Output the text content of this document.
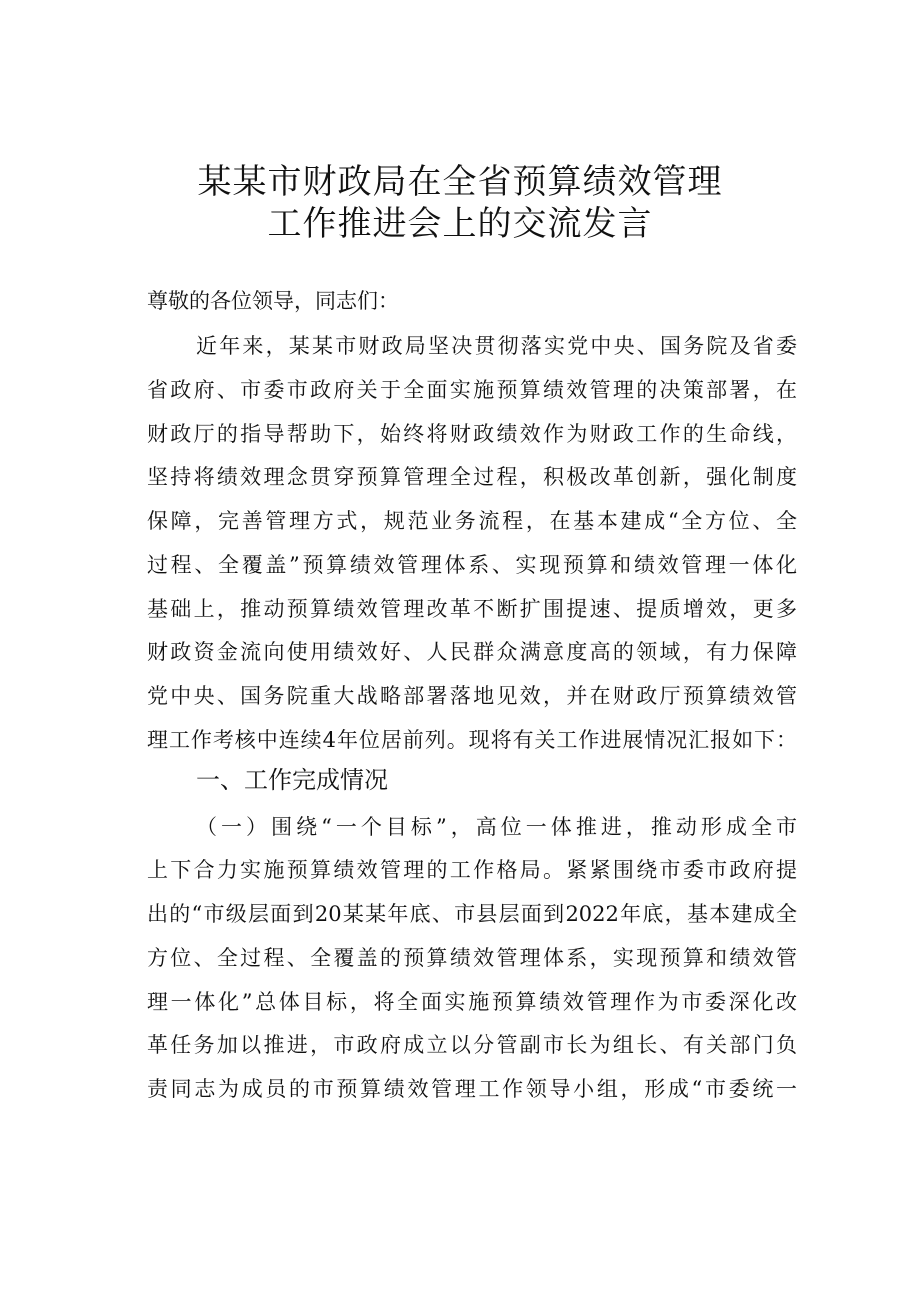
某某市财政局在全省预算绩效管理
工作推进会上的交流发言
尊敬的各位领导，同志们：
近年来，某某市财政局坚决贯彻落实党中央、国务院及省委
省政府、市委市政府关于全面实施预算绩效管理的决策部署，在
财政厅的指导帮助下，始终将财政绩效作为财政工作的生命线，
坚持将绩效理念贯穿预算管理全过程，积极改革创新，强化制度
保障，完善管理方式，规范业务流程，在基本建成“全方位、全
过程、全覆盖”预算绩效管理体系、实现预算和绩效管理一体化
基础上，推动预算绩效管理改革不断扩围提速、提质增效，更多
财政资金流向使用绩效好、人民群众满意度高的领域，有力保障
党中央、国务院重大战略部署落地见效，并在财政厅预算绩效管
理工作考核中连续4年位居前列。现将有关工作进展情况汇报如下：
一、工作完成情况
（一）围绕“一个目标”，高位一体推进，推动形成全市
上下合力实施预算绩效管理的工作格局。紧紧围绕市委市政府提
出的“市级层面到20某某年底、市县层面到2022年底，基本建成全
方位、全过程、全覆盖的预算绩效管理体系，实现预算和绩效管
理一体化”总体目标，将全面实施预算绩效管理作为市委深化改
革任务加以推进，市政府成立以分管副市长为组长、有关部门负
责同志为成员的市预算绩效管理工作领导小组，形成“市委统一
